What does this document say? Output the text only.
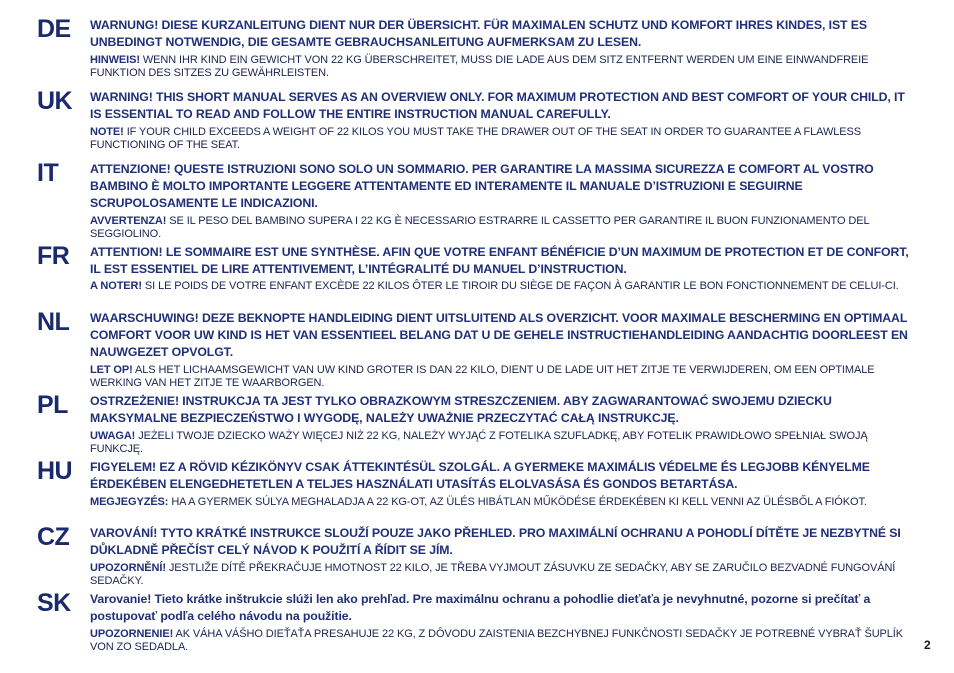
DE WARNUNG! DIESE KURZANLEITUNG DIENT NUR DER ÜBERSICHT. FÜR MAXIMALEN SCHUTZ UND KOMFORT IHRES KINDES, IST ES UNBEDINGT NOTWENDIG, DIE GESAMTE GEBRAUCHSANLEITUNG AUFMERKSAM ZU LESEN.
HINWEIS! WENN IHR KIND EIN GEWICHT VON 22 KG ÜBERSCHREITET, MUSS DIE LADE AUS DEM SITZ ENTFERNT WERDEN UM EINE EINWANDFREIE FUNKTION DES SITZES ZU GEWÄHRLEISTEN.
UK WARNING! THIS SHORT MANUAL SERVES AS AN OVERVIEW ONLY. FOR MAXIMUM PROTECTION AND BEST COMFORT OF YOUR CHILD, IT IS ESSENTIAL TO READ AND FOLLOW THE ENTIRE INSTRUCTION MANUAL CAREFULLY.
NOTE! IF YOUR CHILD EXCEEDS A WEIGHT OF 22 KILOS YOU MUST TAKE THE DRAWER OUT OF THE SEAT IN ORDER TO GUARANTEE A FLAWLESS FUNCTIONING OF THE SEAT.
IT	ATTENZIONE! QUESTE ISTRUZIONI SONO SOLO UN SOMMARIO. PER GARANTIRE LA MASSIMA SICUREZZA E COMFORT AL VOSTRO BAMBINO È MOLTO IMPORTANTE LEGGERE ATTENTAMENTE ED INTERAMENTE IL MANUALE D’ISTRUZIONI E SEGUIRNE SCRUPOLOSAMENTE LE INDICAZIONI.
AVVERTENZA! SE IL PESO DEL BAMBINO SUPERA I 22 KG È NECESSARIO ESTRARRE IL CASSETTO PER GARANTIRE IL BUON FUNZIONAMENTO DEL SEGGIOLINO.
FR ATTENTION! LE SOMMAIRE EST UNE SYNTHÈSE. AFIN QUE VOTRE ENFANT BÉNÉFICIE D’UN MAXIMUM DE PROTECTION ET DE CONFORT, IL EST ESSENTIEL DE LIRE ATTENTIVEMENT, L’INTÉGRALITÉ DU MANUEL D’INSTRUCTION.
A NOTER! SI LE POIDS DE VOTRE ENFANT EXCÈDE 22 KILOS ÔTER LE TIROIR DU SIÈGE DE FAÇON À GARANTIR LE BON FONCTIONNEMENT DE CELUI-CI.
NL WAARSCHUWING! DEZE BEKNOPTE HANDLEIDING DIENT UITSLUITEND ALS OVERZICHT. VOOR MAXIMALE BESCHERMING EN OPTIMAAL COMFORT VOOR UW KIND IS HET VAN ESSENTIEEL BELANG DAT U DE GEHELE INSTRUCTIEHANDLEIDING AANDACHTIG DOORLEEST EN NAUWGEZET OPVOLGT.
LET OP! ALS HET LICHAAMSGEWICHT VAN UW KIND GROTER IS DAN 22 KILO, DIENT U DE LADE UIT HET ZITJE TE VERWIJDEREN, OM EEN OPTIMALE WERKING VAN HET ZITJE TE WAARBORGEN.
PL OSTRZEŻENIE! INSTRUKCJA TA JEST TYLKO OBRAZKOWYM STRESZCZENIEM. ABY ZAGWARANTOWAĆ SWOJEMU DZIECKU MAKSYMALNE BEZPIECZEŃSTWO I WYGODĘ, NALEŻY UWAŻNIE PRZECZYTAĆ CAŁĄ INSTRUKCJĘ.
UWAGA! JEŻELI TWOJE DZIECKO WAŻY WIĘCEJ NIŻ 22 KG, NALEŻY WYJĄĆ Z FOTELIKA SZUFLADKĘ, ABY FOTELIK PRAWIDŁOWO SPEŁNIAŁ SWOJĄ FUNKCJĘ.
HU FIGYELEM! EZ A RÖVID KÉZIKÖNYV CSAK ÁTTEKINTÉSÜL SZOLGÁL. A GYERMEKE MAXIMÁLIS VÉDELME ÉS LEGJOBB KÉNYELME ÉRDEKÉBEN ELENGEDHETETLEN A TELJES HASZNÁLATI UTASÍTÁS ELOLVASÁSA ÉS GONDOS BETARTÁSA.
MEGJEGYZÉS: HA A GYERMEK SÚLYA MEGHALADJA A 22 KG-OT, AZ ÜLÉS HIBÁTLAN MŰKÖDÉSE ÉRDEKÉBEN KI KELL VENNI AZ ÜLÉSBŐL A FIÓKOT.
CZ VAROVÁNÍ! TYTO KRÁTKÉ INSTRUKCE SLOUŽÍ POUZE JAKO PŘEHLED. PRO MAXIMÁLNÍ OCHRANU A POHODLÍ DÍTĚTE JE NEZBYTNÉ SI DŮKLADNĚ PŘEČÍST CELÝ NÁVOD K POUŽITÍ A ŘÍDIT SE JÍM.
UPOZORNĚNÍ! JESTLIŽE DÍTĚ PŘEKRAČUJE HMOTNOST 22 KILO, JE TŘEBA VYJMOUT ZÁSUVKU ZE SEDAČKY, ABY SE ZARUČILO BEZVADNÉ FUNGOVÁNÍ SEDAČKY.
SK Varovanie! Tieto krátke inštrukcie slúži len ako prehľad. Pre maximálnu ochranu a pohodlie dieťaťa je nevyhnutné, pozorne si prečítať a postupovať podľa celého návodu na použitie.
UPOZORNENIE! AK VÁHA VÁŠHO DIEŤAŤA PRESAHUJE 22 KG, Z DÔVODU ZAISTENIA BEZCHYBNEJ FUNKČNOSTI SEDAČKY JE POTREBNÉ VYBRAŤ ŠUPLÍK VON ZO SEDADLA.	2
